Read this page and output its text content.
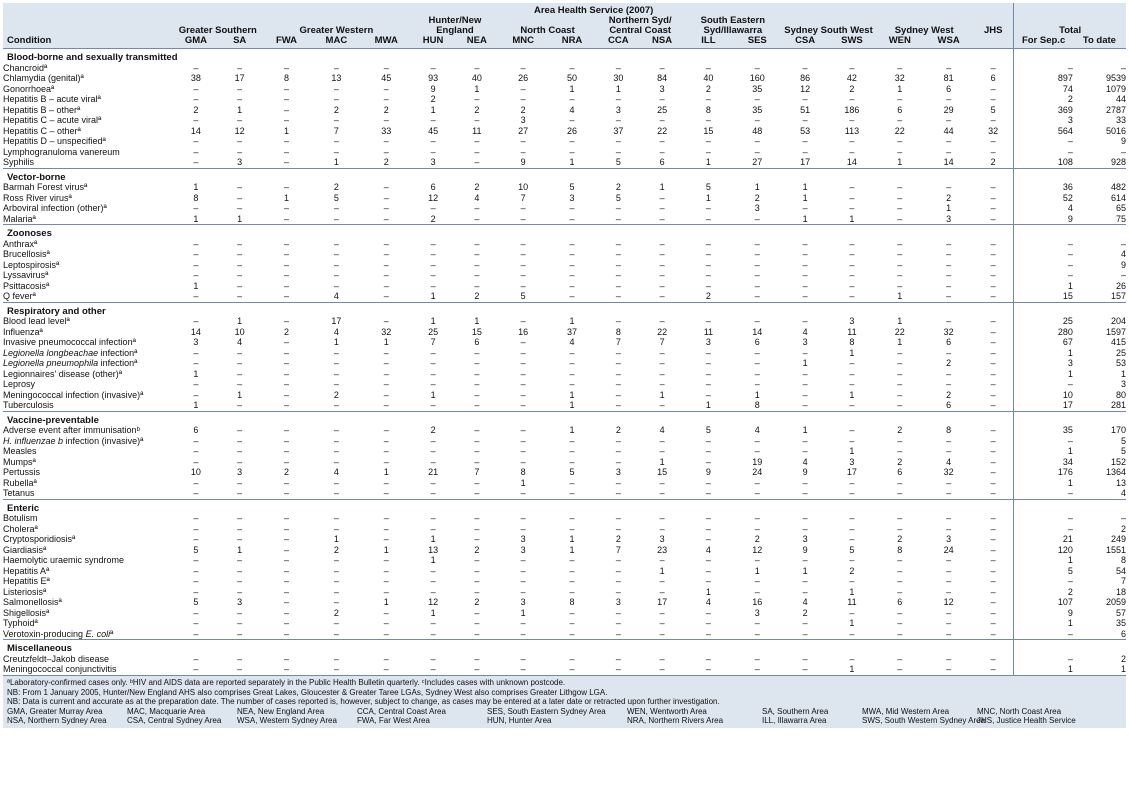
	Area Health Service (2007)																		Total	
	Greater Southern		Greater Western			Hunter/New England		North Coast		Northern Syd/ Central Coast		South Eastern Syd/Illawarra		Sydney South West		Sydney West		JHS		
Condition	GMA	SA	FWA	MAC	MWA	HUN	NEA	MNC	NRA	CCA	NSA	ILL	SES	CSA	SWS	WEN	WSA		For Sep.c	To date
Blood-borne and sexually transmitted																				
Chancroidª	–	–	–	–	–	–	–	–	–	–	–	–	–	–	–	–	–	–	–	–
Chlamydia (genital)ª	38	17	8	13	45	93	40	26	50	30	84	40	160	86	42	32	81	6	897	9539
Gonorrhoeaª	–	–	–	–	–	9	1	–	1	1	3	2	35	12	2	1	6	–	74	1079
Hepatitis B – acute viralª	–	–	–	–	–	2	–	–	–	–	–	–	–	–	–	–	–	–	2	44
Hepatitis B – otherª	2	1	–	2	2	1	2	2	4	3	25	8	35	51	186	6	29	5	369	2787
Hepatitis C – acute viralª	–	–	–	–	–	–	–	3	–	–	–	–	–	–	–	–	–	–	3	33
Hepatitis C – otherª	14	12	1	7	33	45	11	27	26	37	22	15	48	53	113	22	44	32	564	5016
Hepatitis D – unspecifiedª	–	–	–	–	–	–	–	–	–	–	–	–	–	–	–	–	–	–	–	9
Lymphogranuloma vanereum	–	–	–	–	–	–	–	–	–	–	–	–	–	–	–	–	–	–	–	–
Syphilis	–	3	–	1	2	3	–	9	1	5	6	1	27	17	14	1	14	2	108	928
Vector-borne																				
Barmah Forest virusª	1	–	–	2	–	6	2	10	5	2	1	5	1	1	–	–	–	–	36	482
Ross River virusª	8	–	1	5	–	12	4	7	3	5	–	1	2	1	–	–	2	–	52	614
Arboviral infection (other)ª	–	–	–	–	–	–	–	–	–	–	–	–	3	–	–	–	1	–	4	65
Malariaª	1	1	–	–	–	2	–	–	–	–	–	–	–	1	1	–	3	–	9	75
Zoonoses																				
Anthraxª	–	–	–	–	–	–	–	–	–	–	–	–	–	–	–	–	–	–	–	–
Brucellosisª	–	–	–	–	–	–	–	–	–	–	–	–	–	–	–	–	–	–	–	4
Leptospirosisª	–	–	–	–	–	–	–	–	–	–	–	–	–	–	–	–	–	–	–	9
Lyssavirusª	–	–	–	–	–	–	–	–	–	–	–	–	–	–	–	–	–	–	–	–
Psittacosisª	1	–	–	–	–	–	–	–	–	–	–	–	–	–	–	–	–	–	1	26
Q feverª	–	–	–	4	–	1	2	5	–	–	–	2	–	–	–	1	–	–	15	157
Respiratory and other																				
Blood lead levelª	–	1	–	17	–	1	1	–	1	–	–	–	–	–	3	1	–	–	25	204
Influenzaª	14	10	2	4	32	25	15	16	37	8	22	11	14	4	11	22	32	–	280	1597
Invasive pneumococcal infectionª	3	4	–	1	1	7	6	–	4	7	7	3	6	3	8	1	6	–	67	415
Legionella longbeachae infectionª	–	–	–	–	–	–	–	–	–	–	–	–	–	–	1	–	–	–	1	25
Legionella pneumophila infectionª	–	–	–	–	–	–	–	–	–	–	–	–	–	1	–	–	2	–	3	53
Legionnaires' disease (other)ª	1	–	–	–	–	–	–	–	–	–	–	–	–	–	–	–	–	–	1	1
Leprosy	–	–	–	–	–	–	–	–	–	–	–	–	–	–	–	–	–	–	–	3
Meningococcal infection (invasive)ª	–	1	–	2	–	1	–	–	1	–	1	–	1	–	1	–	2	–	10	80
Tuberculosis	1	–	–	–	–	–	–	–	1	–	–	1	8	–	–	–	6	–	17	281
Vaccine-preventable																				
Adverse event after immunisationᵇ	6	–	–	–	–	2	–	–	1	2	4	5	4	1	–	2	8	–	35	170
H. influenzae b infection (invasive)ª	–	–	–	–	–	–	–	–	–	–	–	–	–	–	–	–	–	–	–	5
Measles	–	–	–	–	–	–	–	–	–	–	–	–	–	–	1	–	–	–	1	5
Mumpsª	–	–	–	–	–	–	–	–	–	–	1	–	19	4	3	2	4	–	34	152
Pertussis	10	3	2	4	1	21	7	8	5	3	15	9	24	9	17	6	32	–	176	1364
Rubellaª	–	–	–	–	–	–	–	1	–	–	–	–	–	–	–	–	–	–	1	13
Tetanus	–	–	–	–	–	–	–	–	–	–	–	–	–	–	–	–	–	–	–	4
Enteric																				
Botulism	–	–	–	–	–	–	–	–	–	–	–	–	–	–	–	–	–	–	–	–
Choleraª	–	–	–	–	–	–	–	–	–	–	–	–	–	–	–	–	–	–	–	2
Cryptosporidiosisª	–	–	–	1	–	1	–	3	1	2	3	–	2	3	–	2	3	–	21	249
Giardiasisª	5	1	–	2	1	13	2	3	1	7	23	4	12	9	5	8	24	–	120	1551
Haemolytic uraemic syndrome	–	–	–	–	–	1	–	–	–	–	–	–	–	–	–	–	–	–	1	8
Hepatitis Aª	–	–	–	–	–	–	–	–	–	–	1	–	1	1	2	–	–	–	5	54
Hepatitis Eª	–	–	–	–	–	–	–	–	–	–	–	–	–	–	–	–	–	–	–	7
Listeriosisª	–	–	–	–	–	–	–	–	–	–	–	1	–	–	1	–	–	–	2	18
Salmonellosisª	5	3	–	–	1	12	2	3	8	3	17	4	16	4	11	6	12	–	107	2059
Shigellosisª	–	–	–	2	–	1	–	1	–	–	–	–	3	2	–	–	–	–	9	57
Typhoidª	–	–	–	–	–	–	–	–	–	–	–	–	–	–	1	–	–	–	1	35
Verotoxin-producing E. coliª	–	–	–	–	–	–	–	–	–	–	–	–	–	–	–	–	–	–	–	6
Miscellaneous																				
Creutzfeldt–Jakob disease	–	–	–	–	–	–	–	–	–	–	–	–	–	–	–	–	–	–	–	2
Meningococcal conjunctivitis	–	–	–	–	–	–	–	–	–	–	–	–	–	–	1	–	–	–	1	1

ªLaboratory-confirmed cases only. ᵇHIV and AIDS data are reported separately in the Public Health Bulletin quarterly. ᶜIncludes cases with unknown postcode.

NB: From 1 January 2005, Hunter/New England AHS also comprises Great Lakes, Gloucester & Greater Taree LGAs, Sydney West also comprises Greater Lithgow LGA.

NB: Data is current and accurate as at the preparation date. The number of cases reported is, however, subject to change, as cases may be entered at a later date or retracted upon further investigation.

GMA, Greater Murray Area	MAC, Macquarie Area	NEA, New England Area	CCA, Central Coast Area	SES, South Eastern Sydney Area	WEN, Wentworth Area	SA, Southern Area	MWA, Mid Western Area	MNC, North Coast Area
NSA, Northern Sydney Area	CSA, Central Sydney Area	WSA, Western Sydney Area	FWA, Far West Area	HUN, Hunter Area	NRA, Northern Rivers Area	ILL, Illawarra Area	SWS, South Western Sydney Area
JHS, Justice Health Service
